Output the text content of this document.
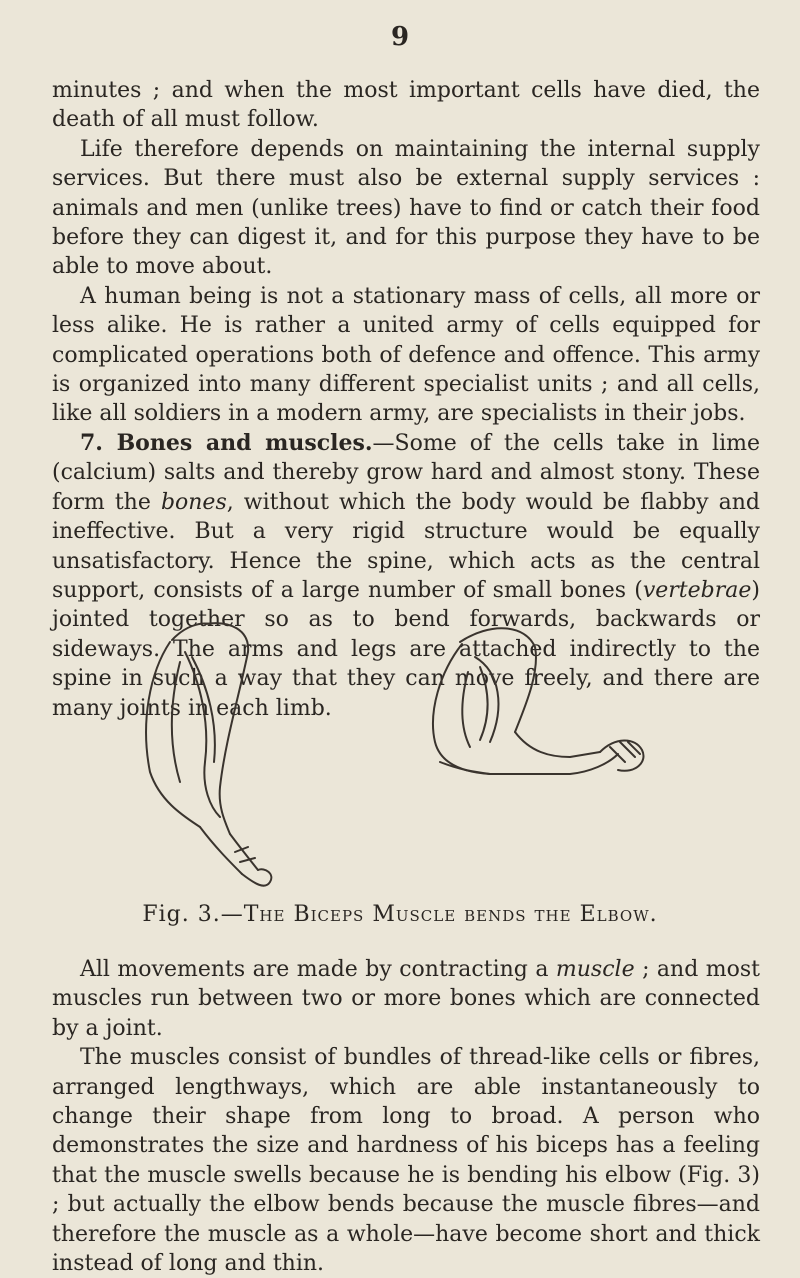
9

minutes ; and when the most important cells have died, the death of all must follow.

Life therefore depends on maintaining the internal supply services. But there must also be external supply services : animals and men (unlike trees) have to find or catch their food before they can digest it, and for this purpose they have to be able to move about.

A human being is not a stationary mass of cells, all more or less alike. He is rather a united army of cells equipped for complicated operations both of defence and offence. This army is organized into many different specialist units ; and all cells, like all soldiers in a modern army, are specialists in their jobs.

7. Bones and muscles.—Some of the cells take in lime (calcium) salts and thereby grow hard and almost stony. These form the bones, without which the body would be flabby and ineffective. But a very rigid structure would be equally unsatisfactory. Hence the spine, which acts as the central support, consists of a large number of small bones (vertebrae) jointed together so as to bend forwards, backwards or sideways. The arms and legs are attached indirectly to the spine in such a way that they can move freely, and there are many joints in each limb.

Fig. 3.—The Biceps Muscle bends the Elbow.

All movements are made by contracting a muscle ; and most muscles run between two or more bones which are connected by a joint.

The muscles consist of bundles of thread-like cells or fibres, arranged lengthways, which are able instantaneously to change their shape from long to broad. A person who demonstrates the size and hardness of his biceps has a feeling that the muscle swells because he is bending his elbow (Fig. 3) ; but actually the elbow bends because the muscle fibres—and therefore the muscle as a whole—have become short and thick instead of long and thin.
